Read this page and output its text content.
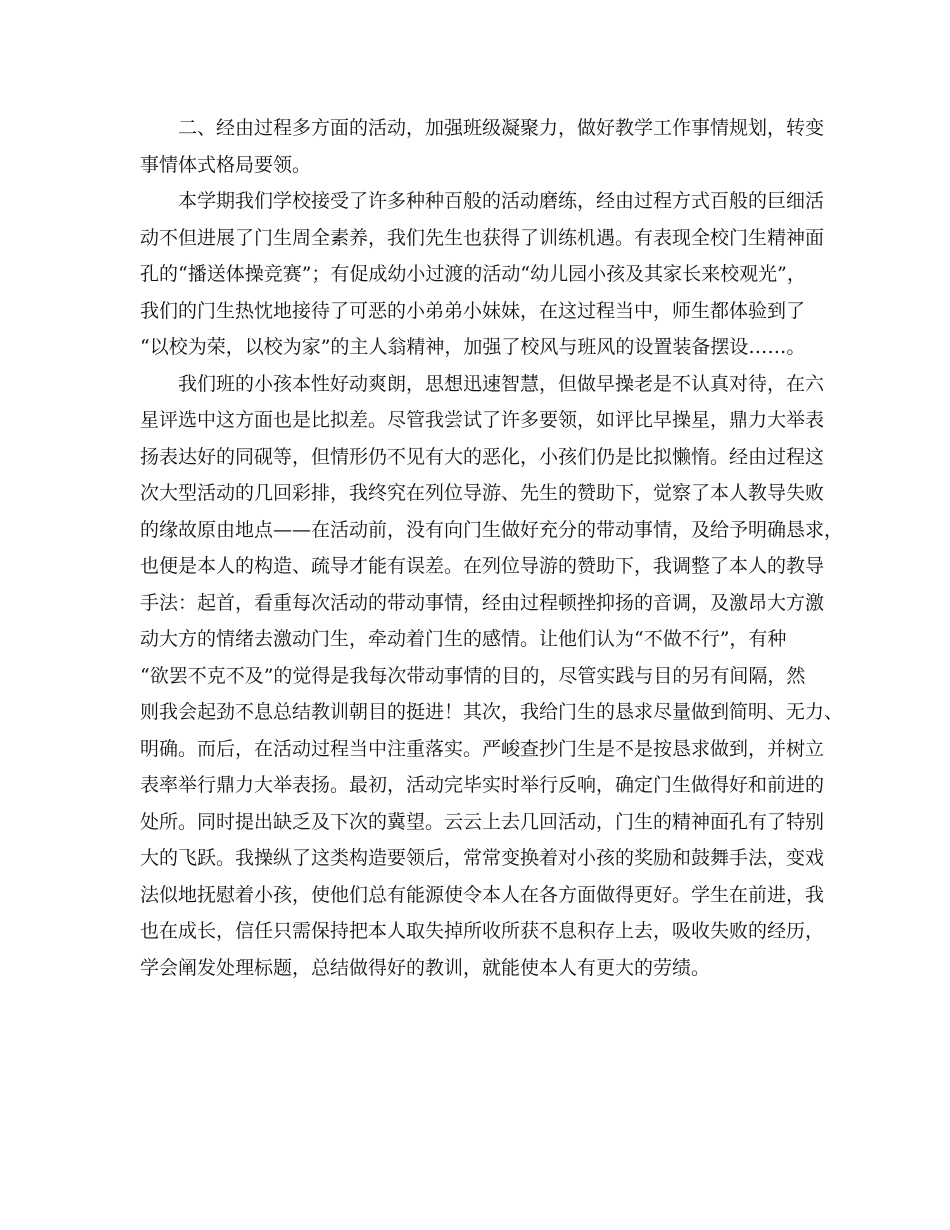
二、经由过程多方面的活动，加强班级凝聚力，做好教学工作事情规划，转变
事情体式格局要领。
本学期我们学校接受了许多种种百般的活动磨练，经由过程方式百般的巨细活
动不但进展了门生周全素养，我们先生也获得了训练机遇。有表现全校门生精神面
孔的“播送体操竞赛”；有促成幼小过渡的活动“幼儿园小孩及其家长来校观光”，
我们的门生热忱地接待了可恶的小弟弟小妹妹，在这过程当中，师生都体验到了
“以校为荣，以校为家”的主人翁精神，加强了校风与班风的设置装备摆设……。
我们班的小孩本性好动爽朗，思想迅速智慧，但做早操老是不认真对待，在六
星评选中这方面也是比拟差。尽管我尝试了许多要领，如评比早操星，鼎力大举表
扬表达好的同砚等，但情形仍不见有大的恶化，小孩们仍是比拟懒惰。经由过程这
次大型活动的几回彩排，我终究在列位导游、先生的赞助下，觉察了本人教导失败
的缘故原由地点——在活动前，没有向门生做好充分的带动事情，及给予明确恳求，
也便是本人的构造、疏导才能有误差。在列位导游的赞助下，我调整了本人的教导
手法：起首，看重每次活动的带动事情，经由过程顿挫抑扬的音调，及激昂大方激
动大方的情绪去激动门生，牵动着门生的感情。让他们认为“不做不行”，有种
“欲罢不克不及”的觉得是我每次带动事情的目的，尽管实践与目的另有间隔，然
则我会起劲不息总结教训朝目的挺进！其次，我给门生的恳求尽量做到简明、无力、
明确。而后，在活动过程当中注重落实。严峻查抄门生是不是按恳求做到，并树立
表率举行鼎力大举表扬。最初，活动完毕实时举行反响，确定门生做得好和前进的
处所。同时提出缺乏及下次的冀望。云云上去几回活动，门生的精神面孔有了特别
大的飞跃。我操纵了这类构造要领后，常常变换着对小孩的奖励和鼓舞手法，变戏
法似地抚慰着小孩，使他们总有能源使令本人在各方面做得更好。学生在前进，我
也在成长，信任只需保持把本人取失掉所收所获不息积存上去，吸收失败的经历，
学会阐发处理标题，总结做得好的教训，就能使本人有更大的劳绩。
